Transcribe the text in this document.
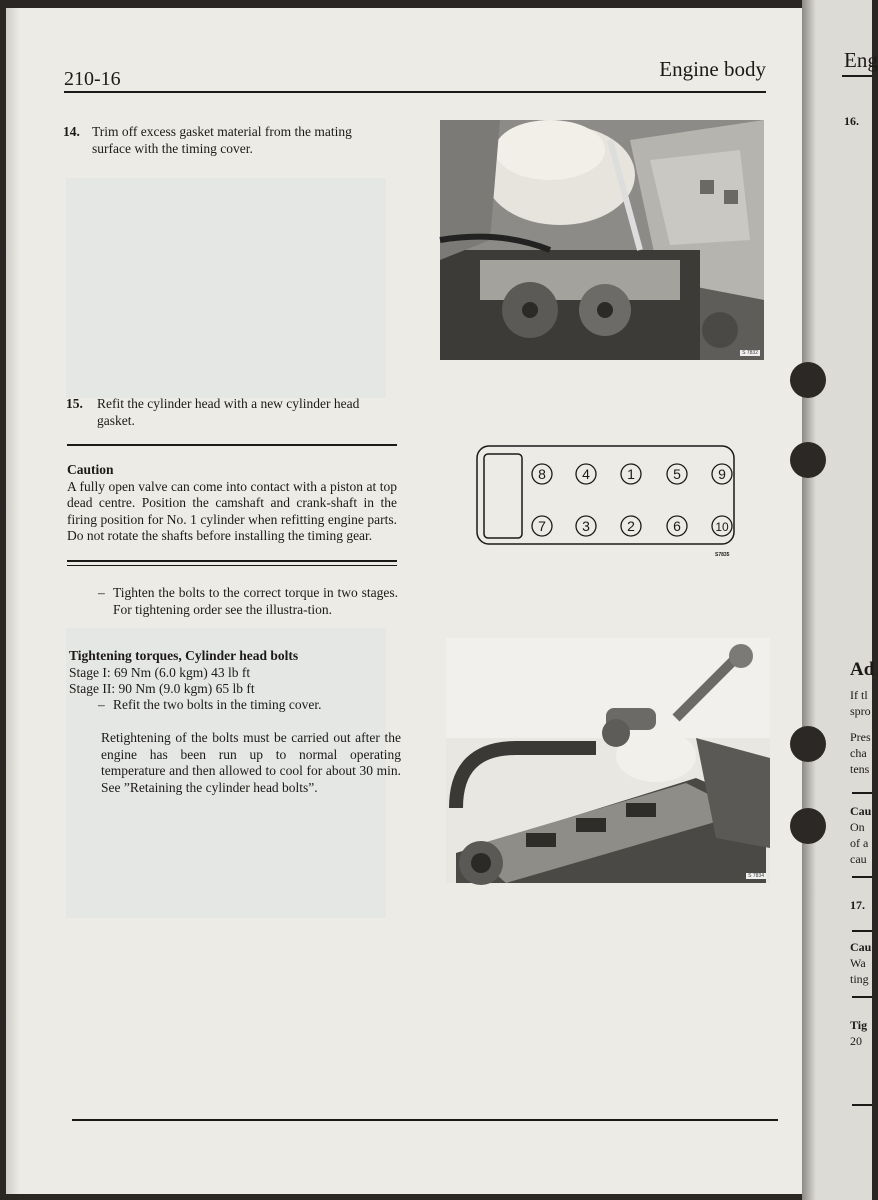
210-16	Engine body
14. Trim off excess gasket material from the mating surface with the timing cover.
S 7832
15. Refit the cylinder head with a new cylinder head gasket.
Caution
A fully open valve can come into contact with a piston at top dead centre. Position the camshaft and crank-shaft in the firing position for No. 1 cylinder when refitting engine parts. Do not rotate the shafts before installing the timing gear.
8	4	1	5	9
7	3	2	6	10
S7835
– Tighten the bolts to the correct torque in two stages. For tightening order see the illustra-tion.
Tightening torques, Cylinder head bolts
Stage I: 69 Nm (6.0 kgm) 43 lb ft
Stage II: 90 Nm (9.0 kgm) 65 lb ft
– Refit the two bolts in the timing cover.
Retightening of the bolts must be carried out after the engine has been run up to normal operating temperature and then allowed to cool for about 30 min. See ”Retaining the cylinder head bolts”.
S 7834
Eng
16.
Ad
If tl
spro
Pres
cha
tens
Cau
On
of a
cau
17.
Cau
Wa
ting
Tig
20
